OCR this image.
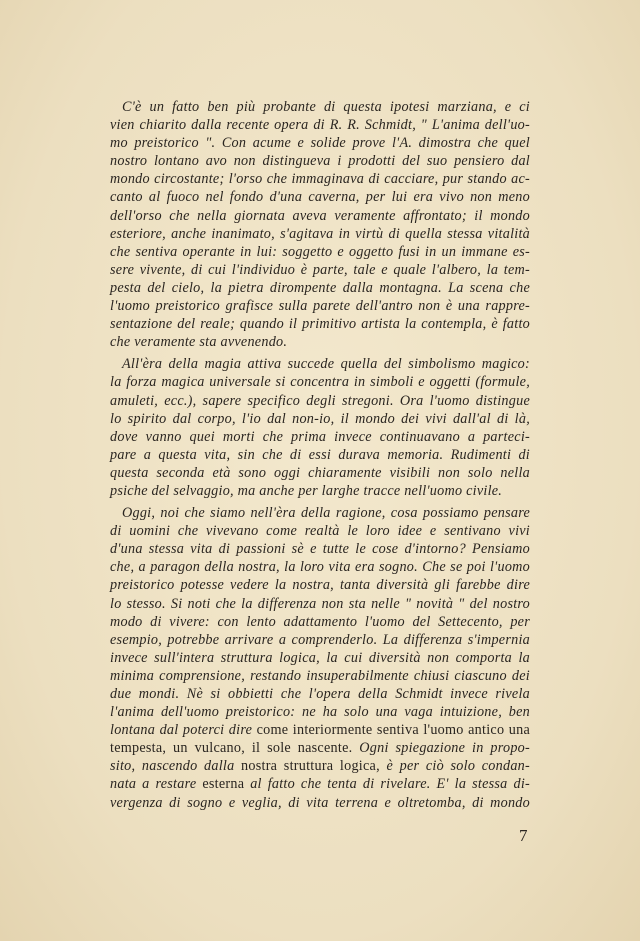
C'è un fatto ben più probante di questa ipotesi marziana, e ci
vien chiarito dalla recente opera di R. R. Schmidt, " L'anima dell'uo-
mo preistorico ". Con acume e solide prove l'A. dimostra che quel
nostro lontano avo non distingueva i prodotti del suo pensiero dal
mondo circostante; l'orso che immaginava di cacciare, pur stando ac-
canto al fuoco nel fondo d'una caverna, per lui era vivo non meno
dell'orso che nella giornata aveva veramente affrontato; il mondo
esteriore, anche inanimato, s'agitava in virtù di quella stessa vitalità
che sentiva operante in lui: soggetto e oggetto fusi in un immane es-
sere vivente, di cui l'individuo è parte, tale e quale l'albero, la tem-
pesta del cielo, la pietra dirompente dalla montagna. La scena che
l'uomo preistorico grafisce sulla parete dell'antro non è una rappre-
sentazione del reale; quando il primitivo artista la contempla, è fatto
che veramente sta avvenendo.
All'èra della magia attiva succede quella del simbolismo magico:
la forza magica universale si concentra in simboli e oggetti (formule,
amuleti, ecc.), sapere specifico degli stregoni. Ora l'uomo distingue
lo spirito dal corpo, l'io dal non-io, il mondo dei vivi dall'al di là,
dove vanno quei morti che prima invece continuavano a parteci-
pare a questa vita, sin che di essi durava memoria. Rudimenti di
questa seconda età sono oggi chiaramente visibili non solo nella
psiche del selvaggio, ma anche per larghe tracce nell'uomo civile.
Oggi, noi che siamo nell'èra della ragione, cosa possiamo pensare
di uomini che vivevano come realtà le loro idee e sentivano vivi
d'una stessa vita di passioni sè e tutte le cose d'intorno? Pensiamo
che, a paragon della nostra, la loro vita era sogno. Che se poi l'uomo
preistorico potesse vedere la nostra, tanta diversità gli farebbe dire
lo stesso. Si noti che la differenza non sta nelle " novità " del nostro
modo di vivere: con lento adattamento l'uomo del Settecento, per
esempio, potrebbe arrivare a comprenderlo. La differenza s'impernia
invece sull'intera struttura logica, la cui diversità non comporta la
minima comprensione, restando insuperabilmente chiusi ciascuno dei
due mondi. Nè si obbietti che l'opera della Schmidt invece rivela
l'anima dell'uomo preistorico: ne ha solo una vaga intuizione, ben
lontana dal poterci dire come interiormente sentiva l'uomo antico una
tempesta, un vulcano, il sole nascente. Ogni spiegazione in propo-
sito, nascendo dalla nostra struttura logica, è per ciò solo condan-
nata a restare esterna al fatto che tenta di rivelare. E' la stessa di-
vergenza di sogno e veglia, di vita terrena e oltretomba, di mondo
7
